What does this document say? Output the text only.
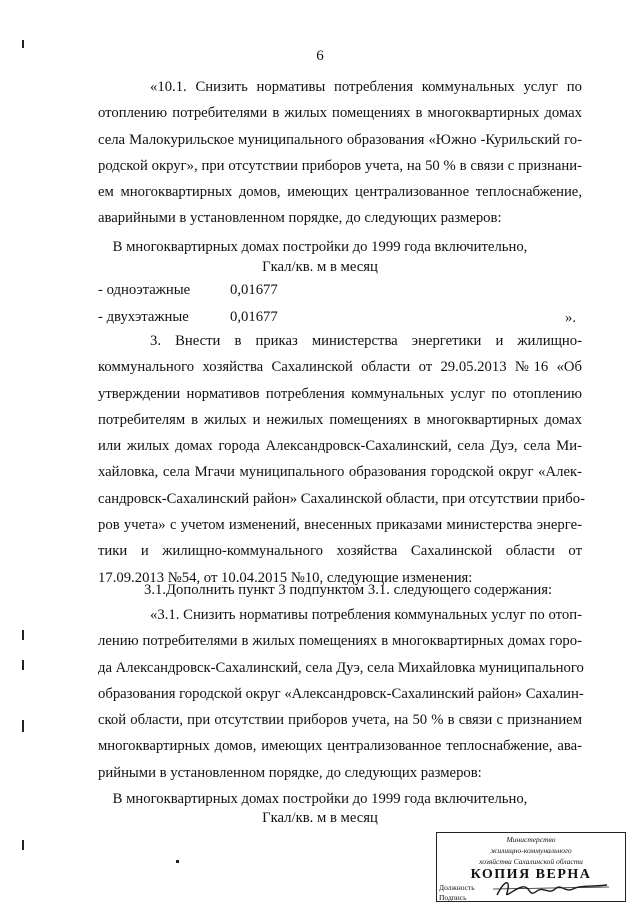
6
«10.1. Снизить нормативы потребления коммунальных услуг по
отоплению потребителями в жилых помещениях в многоквартирных домах
села Малокурильское муниципального образования «Южно -Курильский го-
родской округ», при отсутствии приборов учета, на 50 % в связи с признани-
ем многоквартирных домов, имеющих централизованное теплоснабжение,
аварийными в установленном порядке, до следующих размеров:
В многоквартирных домах постройки до 1999 года включительно,
Гкал/кв. м в месяц
- одноэтажные	0,01677
- двухэтажные	0,01677	».
3. Внести в приказ министерства энергетики и жилищно-
коммунального хозяйства Сахалинской области от 29.05.2013 №16 «Об
утверждении нормативов потребления коммунальных услуг по отоплению
потребителям в жилых и нежилых помещениях в многоквартирных домах
или жилых домах города Александровск-Сахалинский, села Дуэ, села Ми-
хайловка, села Мгачи муниципального образования городской округ «Алек-
сандровск-Сахалинский район» Сахалинской области, при отсутствии прибо-
ров учета» с учетом изменений, внесенных приказами министерства энерге-
тики и жилищно-коммунального хозяйства Сахалинской области от
17.09.2013 №54, от 10.04.2015 №10, следующие изменения:
3.1.Дополнить пункт 3 подпунктом 3.1. следующего содержания:
«3.1. Снизить нормативы потребления коммунальных услуг по отоп-
лению потребителями в жилых помещениях в многоквартирных домах горо-
да Александровск-Сахалинский, села Дуэ, села Михайловка муниципального
образования городской округ «Александровск-Сахалинский район» Сахалин-
ской области, при отсутствии приборов учета, на 50 % в связи с признанием
многоквартирных домов, имеющих централизованное теплоснабжение, ава-
рийными в установленном порядке, до следующих размеров:
В многоквартирных домах постройки до 1999 года включительно,
Гкал/кв. м в месяц
Министерство
жилищно-коммунального
хозяйства Сахалинской области
КОПИЯ ВЕРНА
Должность
Подпись
